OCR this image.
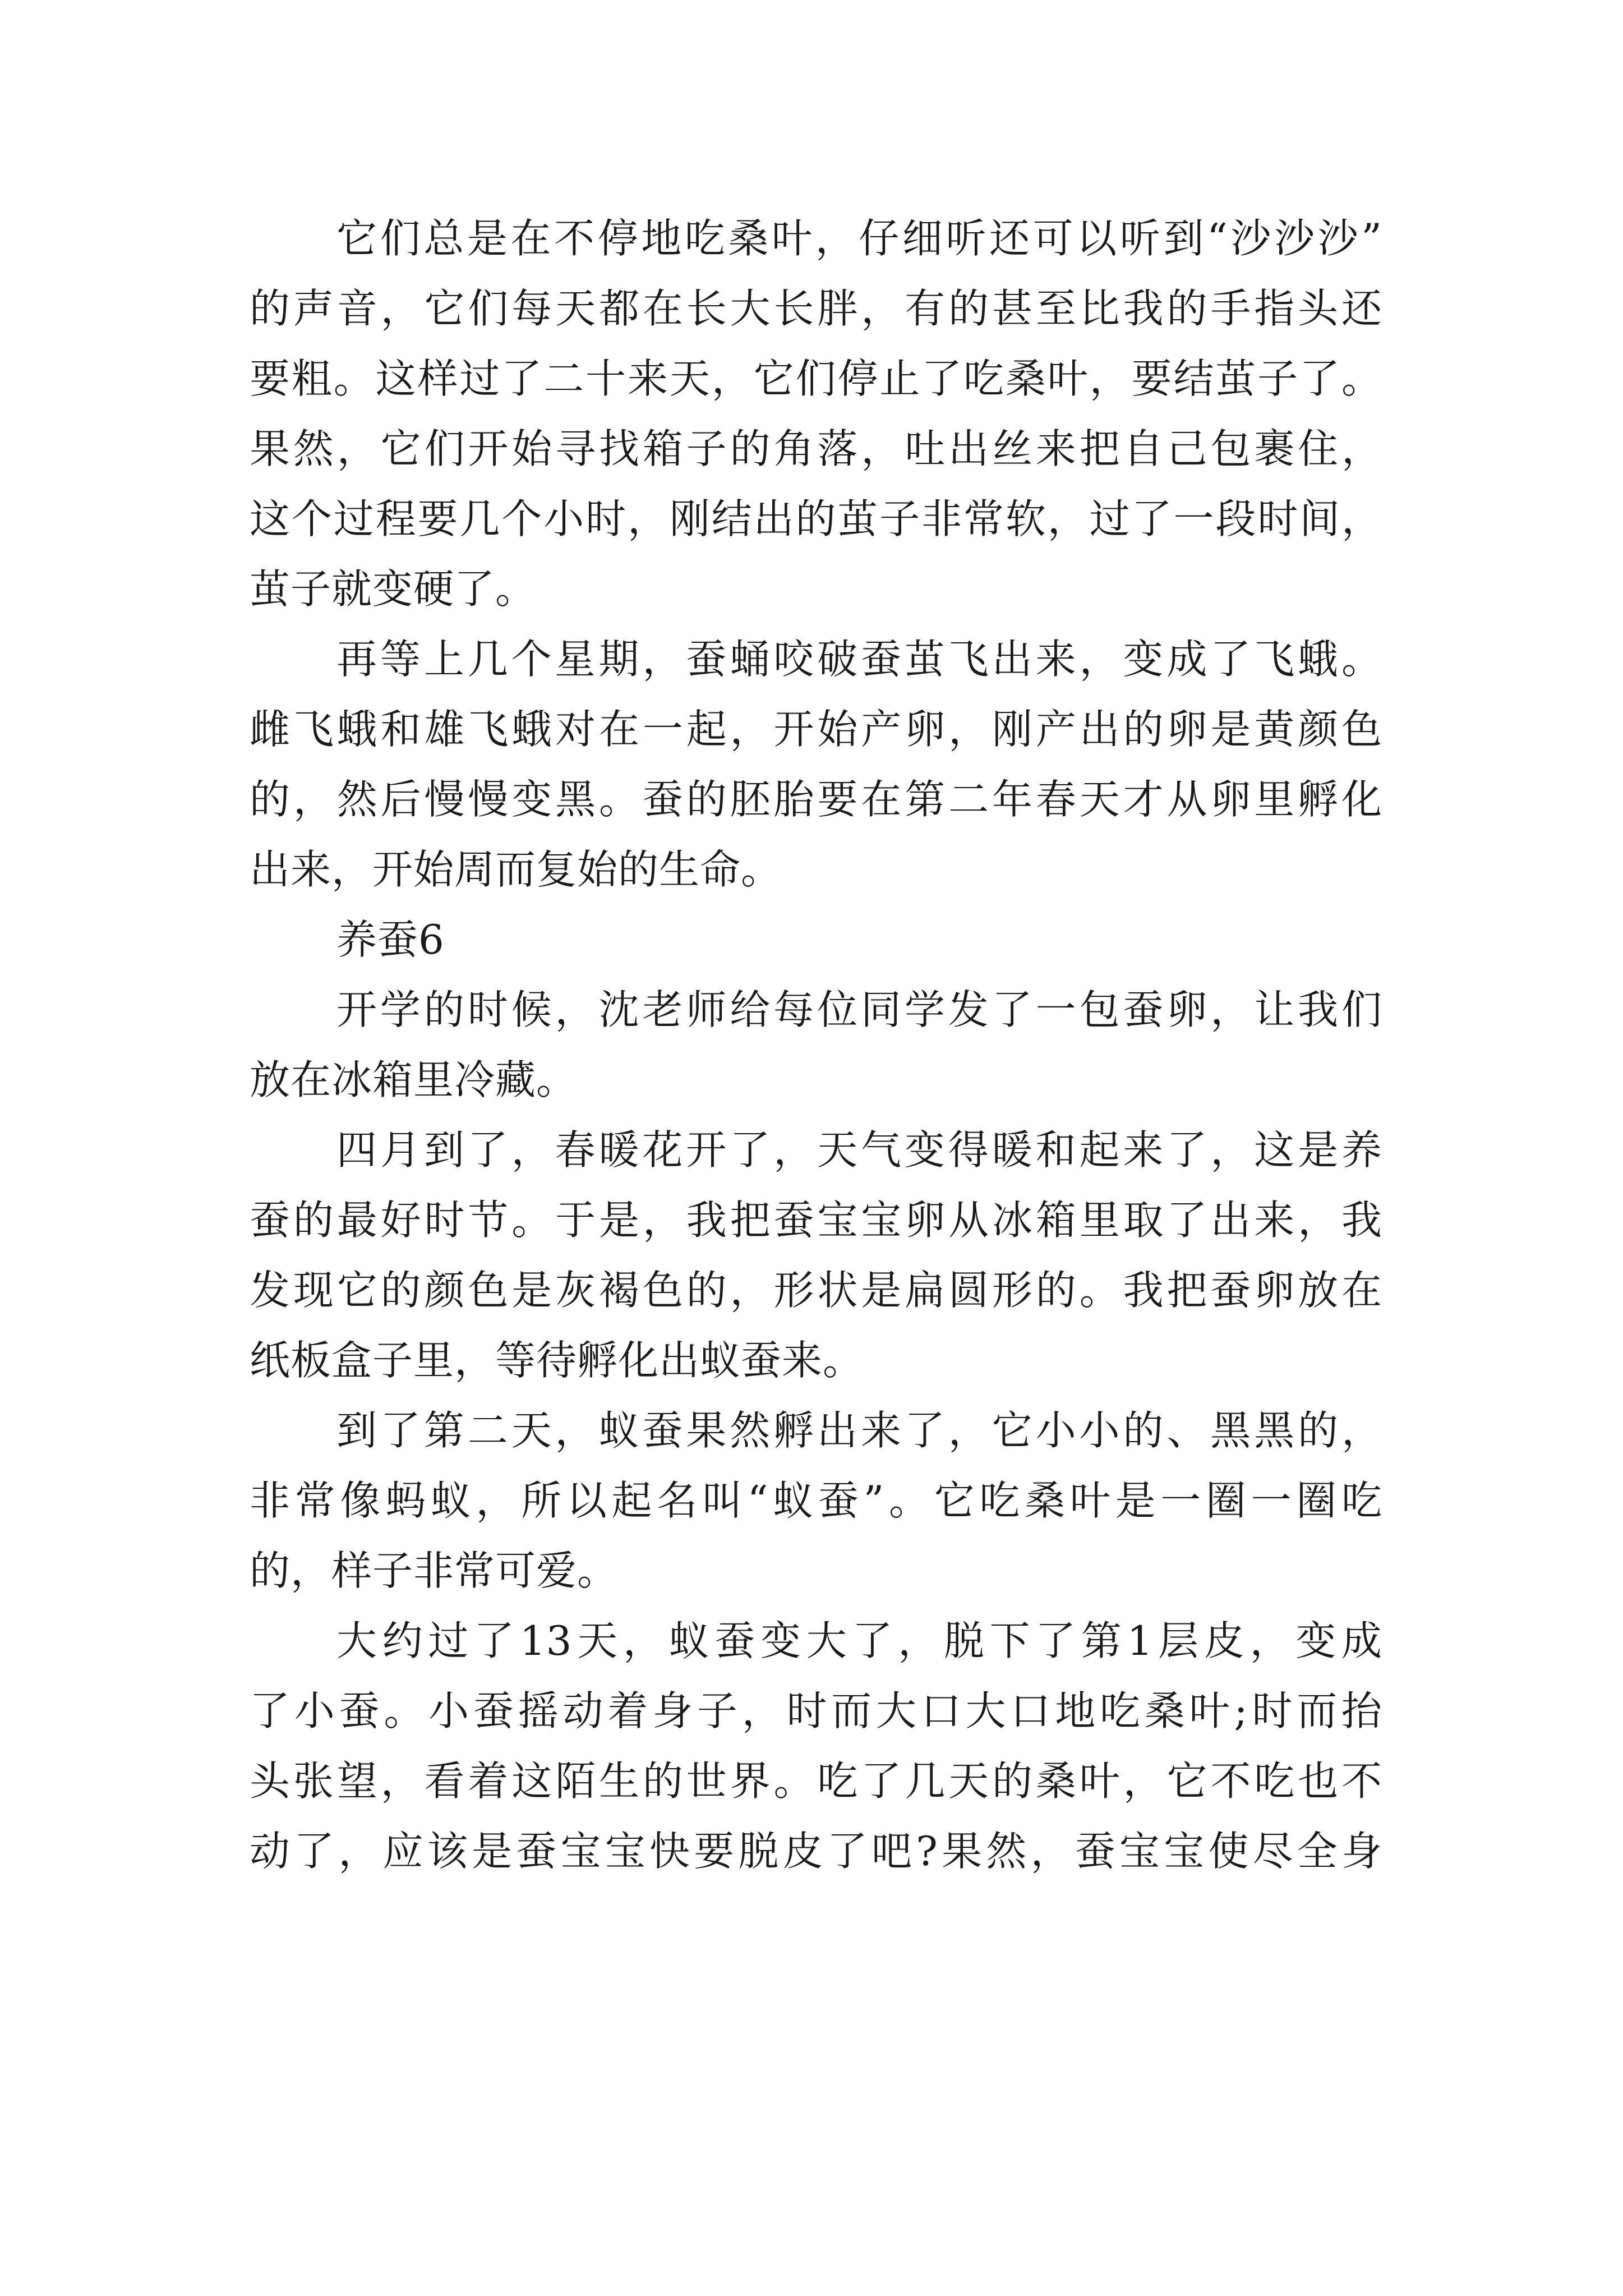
它们总是在不停地吃桑叶，仔细听还可以听到“沙沙沙”
的声音，它们每天都在长大长胖，有的甚至比我的手指头还
要粗。这样过了二十来天，它们停止了吃桑叶，要结茧子了。
果然，它们开始寻找箱子的角落，吐出丝来把自己包裹住，
这个过程要几个小时，刚结出的茧子非常软，过了一段时间，
茧子就变硬了。
再等上几个星期，蚕蛹咬破蚕茧飞出来，变成了飞蛾。
雌飞蛾和雄飞蛾对在一起，开始产卵，刚产出的卵是黄颜色
的，然后慢慢变黑。蚕的胚胎要在第二年春天才从卵里孵化
出来，开始周而复始的生命。
养蚕6
开学的时候，沈老师给每位同学发了一包蚕卵，让我们
放在冰箱里冷藏。
四月到了，春暖花开了，天气变得暖和起来了，这是养
蚕的最好时节。于是，我把蚕宝宝卵从冰箱里取了出来，我
发现它的颜色是灰褐色的，形状是扁圆形的。我把蚕卵放在
纸板盒子里，等待孵化出蚁蚕来。
到了第二天，蚁蚕果然孵出来了，它小小的、黑黑的，
非常像蚂蚁，所以起名叫“蚁蚕”。它吃桑叶是一圈一圈吃
的，样子非常可爱。
大约过了13天，蚁蚕变大了，脱下了第1层皮，变成
了小蚕。小蚕摇动着身子，时而大口大口地吃桑叶;时而抬
头张望，看着这陌生的世界。吃了几天的桑叶，它不吃也不
动了，应该是蚕宝宝快要脱皮了吧?果然，蚕宝宝使尽全身
